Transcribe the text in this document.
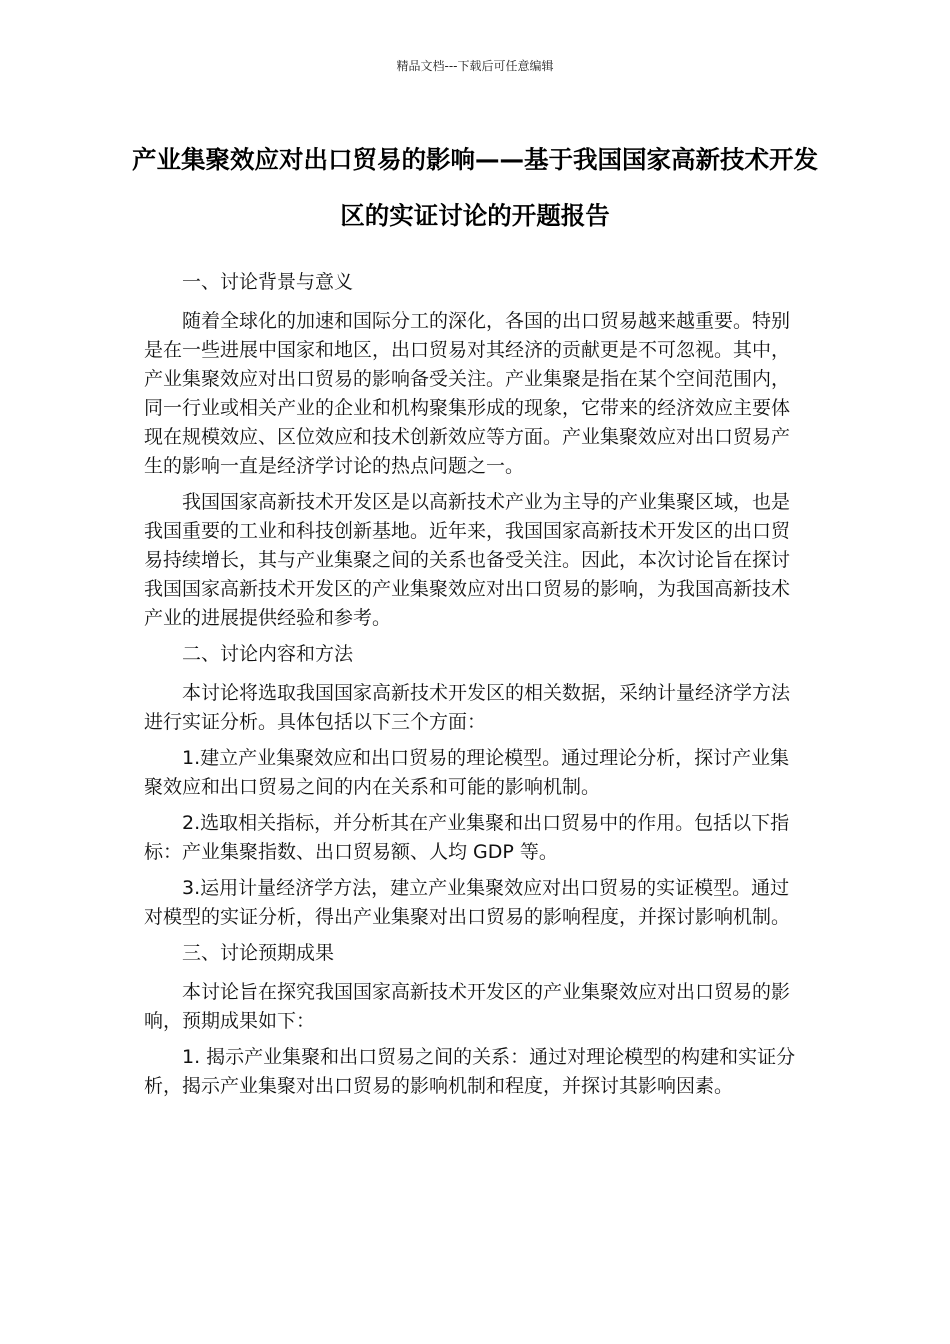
精品文档---下载后可任意编辑
产业集聚效应对出口贸易的影响——基于我国国家高新技术开发区的实证讨论的开题报告

一、讨论背景与意义

随着全球化的加速和国际分工的深化，各国的出口贸易越来越重要。特别是在一些进展中国家和地区，出口贸易对其经济的贡献更是不可忽视。其中，产业集聚效应对出口贸易的影响备受关注。产业集聚是指在某个空间范围内，同一行业或相关产业的企业和机构聚集形成的现象，它带来的经济效应主要体现在规模效应、区位效应和技术创新效应等方面。产业集聚效应对出口贸易产生的影响一直是经济学讨论的热点问题之一。

我国国家高新技术开发区是以高新技术产业为主导的产业集聚区域，也是我国重要的工业和科技创新基地。近年来，我国国家高新技术开发区的出口贸易持续增长，其与产业集聚之间的关系也备受关注。因此，本次讨论旨在探讨我国国家高新技术开发区的产业集聚效应对出口贸易的影响，为我国高新技术产业的进展提供经验和参考。

二、讨论内容和方法

本讨论将选取我国国家高新技术开发区的相关数据，采纳计量经济学方法进行实证分析。具体包括以下三个方面：

1.建立产业集聚效应和出口贸易的理论模型。通过理论分析，探讨产业集聚效应和出口贸易之间的内在关系和可能的影响机制。

2.选取相关指标，并分析其在产业集聚和出口贸易中的作用。包括以下指标：产业集聚指数、出口贸易额、人均 GDP 等。

3.运用计量经济学方法，建立产业集聚效应对出口贸易的实证模型。通过对模型的实证分析，得出产业集聚对出口贸易的影响程度，并探讨影响机制。

三、讨论预期成果

本讨论旨在探究我国国家高新技术开发区的产业集聚效应对出口贸易的影响，预期成果如下：

1. 揭示产业集聚和出口贸易之间的关系：通过对理论模型的构建和实证分析，揭示产业集聚对出口贸易的影响机制和程度，并探讨其影响因素。
